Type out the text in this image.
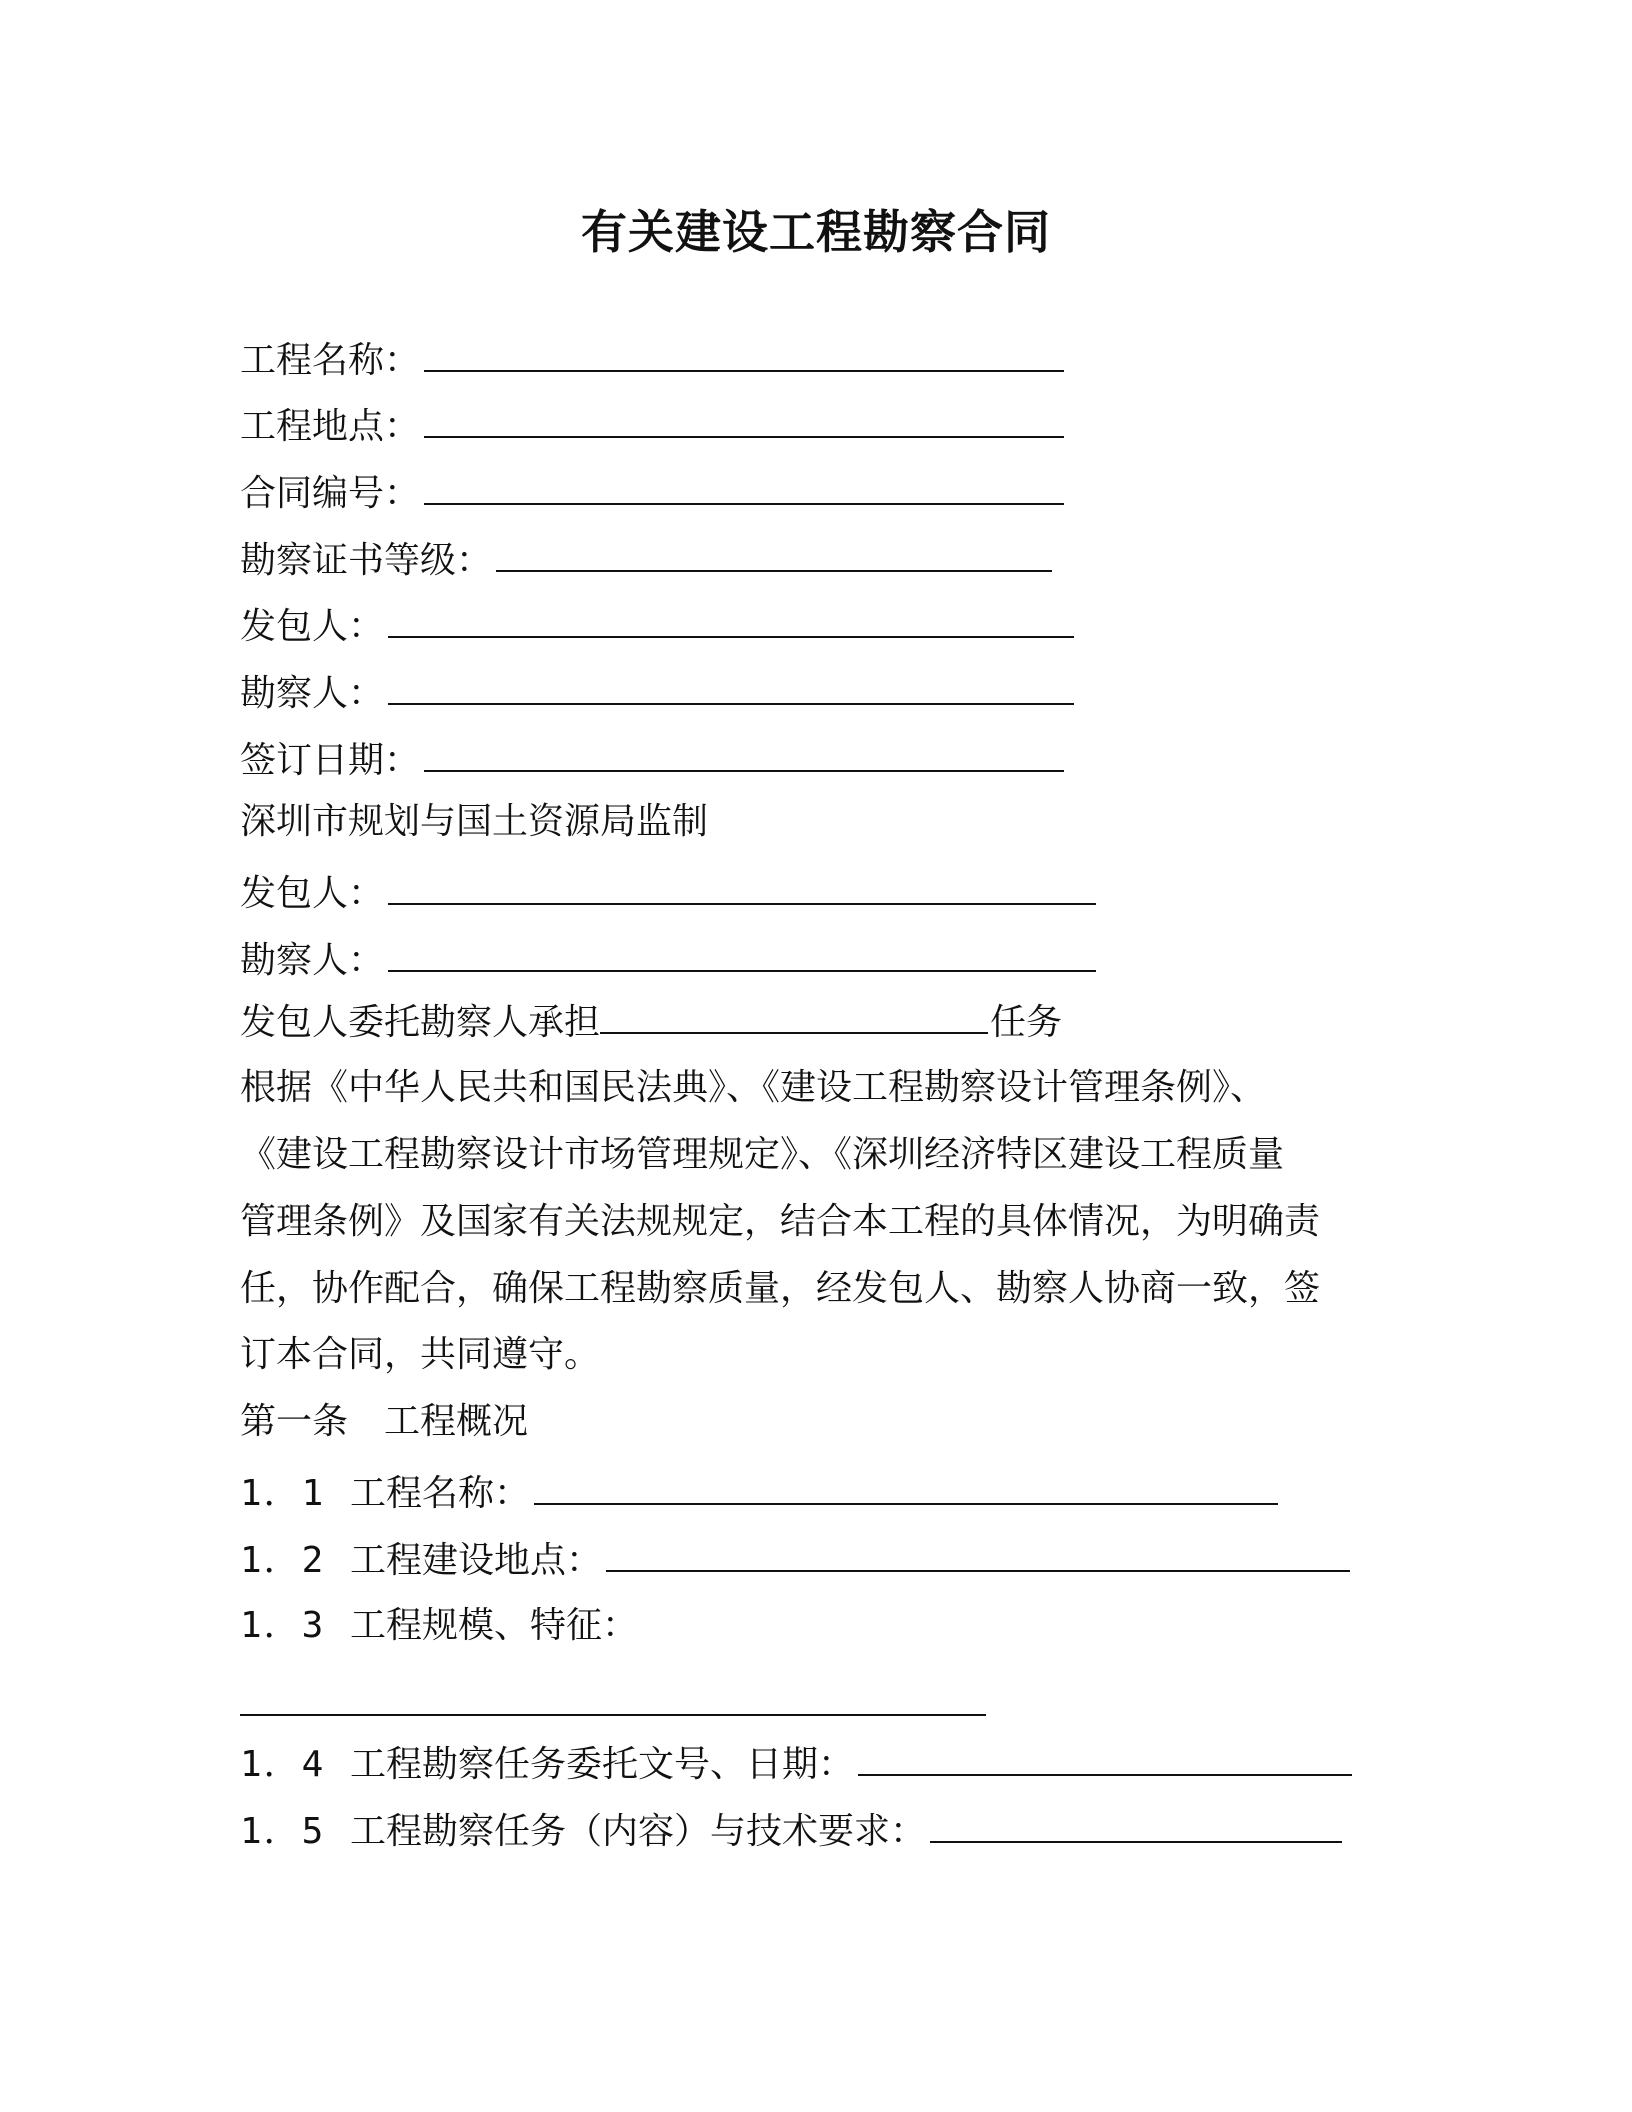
有关建设工程勘察合同
工程名称：
工程地点：
合同编号：
勘察证书等级：
发包人：
勘察人：
签订日期：
深圳市规划与国土资源局监制
发包人：
勘察人：
发包人委托勘察人承担	任务
根据《中华人民共和国民法典》、《建设工程勘察设计管理条例》、
《建设工程勘察设计市场管理规定》、《深圳经济特区建设工程质量
管理条例》及国家有关法规规定，结合本工程的具体情况，为明确责
任，协作配合，确保工程勘察质量，经发包人、勘察人协商一致，签
订本合同，共同遵守。
第一条　工程概况
1．1 工程名称：
1．2 工程建设地点：
1．3 工程规模、特征：
1．4 工程勘察任务委托文号、日期：
1．5 工程勘察任务（内容）与技术要求：
